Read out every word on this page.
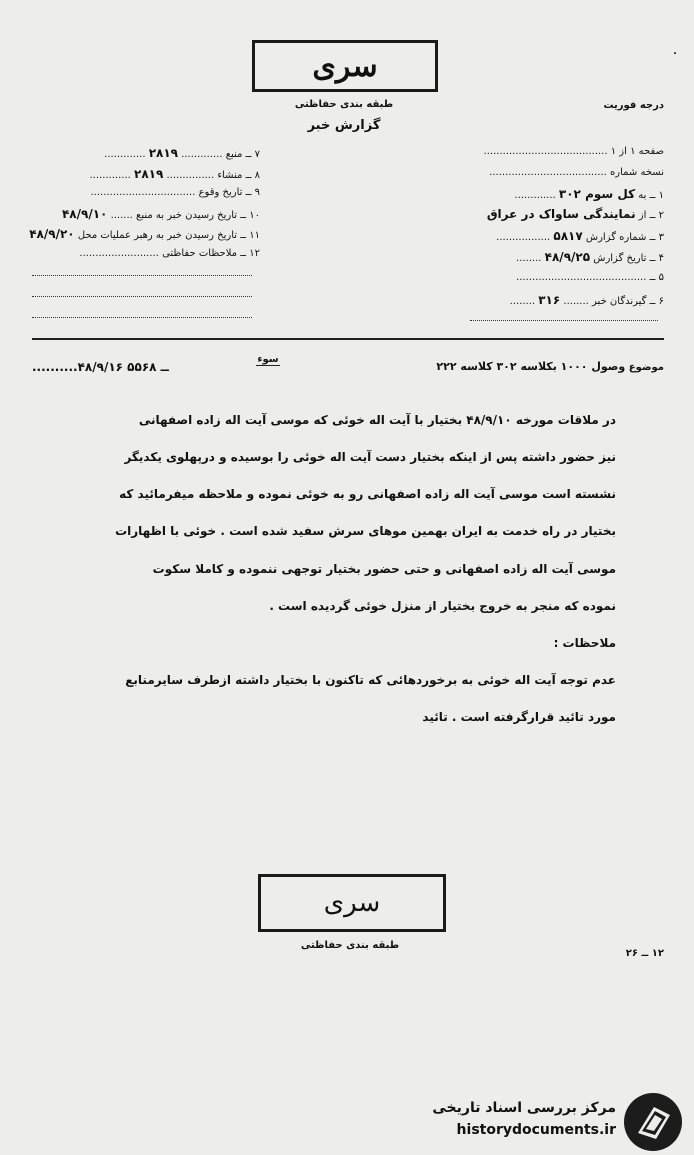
۰
سری
طبقه بندی حفاظتی
گزارش خبر
درجه فوریت
۷ ــ منبع ............. ۲۸۱۹ .............
۸ ــ منشاء ............... ۲۸۱۹ .............
۹ ــ تاریخ وقوع .................................
۱۰ ــ تاریخ رسیدن خبر به منبع ....... ۴۸/۹/۱۰
۱۱ ــ تاریخ رسیدن خبر به رهبر عملیات محل ۴۸/۹/۲۰
۱۲ ــ ملاحظات حفاظتی .........................
صفحه ۱ از ۱ .......................................
نسخه شماره .....................................
۱ ــ به کل سوم ۳۰۲ .............
۲ ــ از نمایندگی ساواک در عراق
۳ ــ شماره گزارش ۵۸۱۷ .................
۴ ــ تاریخ گزارش ۴۸/۹/۲۵ ........
۵ ــ .........................................
۶ ــ گیرندگان خبر ........ ۳۱۶ ........
موضوع وصول ۱۰۰۰ بکلاسه ۳۰۲ کلاسه ۲۲۲
سوء
..........۴۸/۹/۱۶ ــ ۵۵۶۸
در ملاقات مورخه ۴۸/۹/۱۰ بختیار با آیت اله خوئی که موسی آیت اله زاده اصفهانی
نیز حضور داشته پس از اینکه بختیار دست آیت اله خوئی را بوسیده و درپهلوی یکدیگر
نشسته است موسی آیت اله زاده اصفهانی رو به خوئی نموده و ملاحظه میفرمائید که
بختیار در راه خدمت به ایران بهمین موهای سرش سفید شده است . خوئی با اظهارات
موسی آیت اله زاده اصفهانی و حتی حضور بختیار توجهی ننموده و کاملا سکوت
نموده که منجر به خروج بختیار از منزل خوئی گردیده است .
ملاحظات :
عدم توجه آیت اله خوئی به برخوردهائی که تاکنون با بختیار داشته ازطرف سایرمنابع
مورد تائید قرارگرفته است . تائید
سری
طبقه بندی حفاظتی
۱۲ ــ ۲۶
مرکز بررسی اسناد تاریخی
historydocuments.ir
